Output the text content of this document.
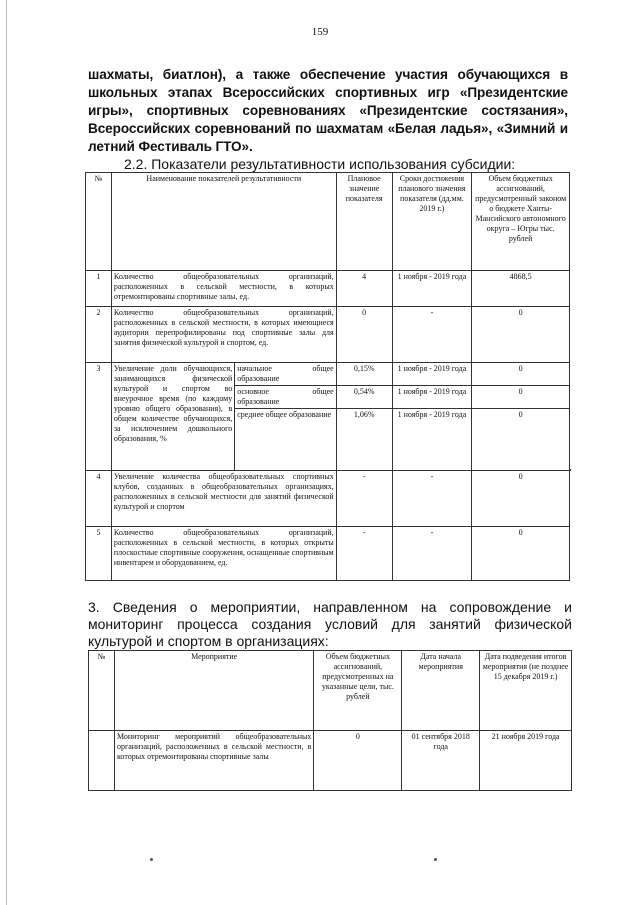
159
шахматы, биатлон), а также обеспечение участия обучающихся в школьных этапах Всероссийских спортивных игр «Президентские игры», спортивных соревнованиях «Президентские состязания», Всероссийских соревнований по шахматам «Белая ладья», «Зимний и летний Фестиваль ГТО».
2.2. Показатели результативности использования субсидии:
№	Наименование показателей результативности		Плановое значение показателя	Сроки достижения планового значения показателя (дд.мм. 2019 г.)	Объем бюджетных ассигнований, предусмотренный законом о бюджете Ханты-Мансийского автономного округа – Югры тыс. рублей	
1	Количество общеобразовательных организаций, расположенных в сельской местности, в которых отремонтированы спортивные залы, ед.		4	1 ноября - 2019 года	4868,5	
2	Количество общеобразовательных организаций, расположенных в сельской местности, в которых имеющиеся аудитории перепрофилированы под спортивные залы для занятия физической культурой и спортом, ед.		0	-	0	
3	Увеличение доли обучающихся, занимающихся физической культурой и спортом во внеурочное время (по каждому уровню общего образования), в общем количестве обучающихся, за исключением дошкольного образования, %	начальное общее образование	0,15%	1 ноября - 2019 года	0	
		основное общее образование	0,54%	1 ноября - 2019 года	0	
		среднее общее образование	1,06%	1 ноября - 2019 года	0	

4	Увеличение количества общеобразовательных спортивных клубов, созданных в общеобразовательных организациях, расположенных в сельской местности для занятий физической культурой и спортом		-	-	0	
5	Количество общеобразовательных организаций, расположенных в сельской местности, в которых открыты плоскостные спортивные сооружения, оснащенные спортивным инвентарем и оборудованием, ед.		-	-	0	
3. Сведения о мероприятии, направленном на сопровождение и мониторинг процесса создания условий для занятий физической культурой и спортом в организациях:
№	Мероприятие	Объем бюджетных ассигнований, предусмотренных на указанные цели, тыс. рублей	Дата начала мероприятия	Дата подведения итогов мероприятия (не позднее 15 декабря 2019 г.)
	Мониторинг мероприятий общеобразовательных организаций, расположенных в сельской местности, в которых отремонтированы спортивные залы	0	01 сентября 2018 года	21 ноября 2019 года
